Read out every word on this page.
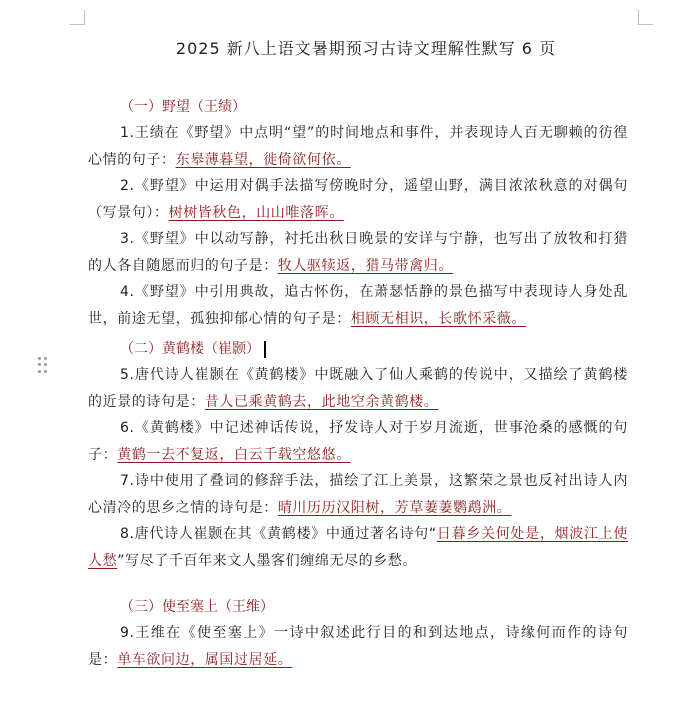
2025 新八上语文暑期预习古诗文理解性默写 6 页
（一）野望（王绩）

1.王绩在《野望》中点明“望”的时间地点和事件，并表现诗人百无聊赖的彷徨心情的句子：东皋薄暮望，徙倚欲何依。

2.《野望》中运用对偶手法描写傍晚时分，遥望山野，满目浓浓秋意的对偶句（写景句）：树树皆秋色，山山唯落晖。

3.《野望》中以动写静，衬托出秋日晚景的安详与宁静，也写出了放牧和打猎的人各自随愿而归的句子是：牧人驱犊返，猎马带禽归。

4.《野望》中引用典故，追古怀伤，在萧瑟恬静的景色描写中表现诗人身处乱世，前途无望，孤独抑郁心情的句子是：相顾无相识，长歌怀采薇。

（二）黄鹤楼（崔颢）

5.唐代诗人崔颢在《黄鹤楼》中既融入了仙人乘鹤的传说中，又描绘了黄鹤楼的近景的诗句是：昔人已乘黄鹤去，此地空余黄鹤楼。

6.《黄鹤楼》中记述神话传说，抒发诗人对于岁月流逝，世事沧桑的感慨的句子：黄鹤一去不复返，白云千载空悠悠。

7.诗中使用了叠词的修辞手法，描绘了江上美景，这繁荣之景也反衬出诗人内心清冷的思乡之情的诗句是：晴川历历汉阳树，芳草萋萋鹦鹉洲。

8.唐代诗人崔颢在其《黄鹤楼》中通过著名诗句“日暮乡关何处是，烟波江上使人愁”写尽了千百年来文人墨客们缠绵无尽的乡愁。

（三）使至塞上（王维）

9.王维在《使至塞上》一诗中叙述此行目的和到达地点，诗缘何而作的诗句是：单车欲问边，属国过居延。
